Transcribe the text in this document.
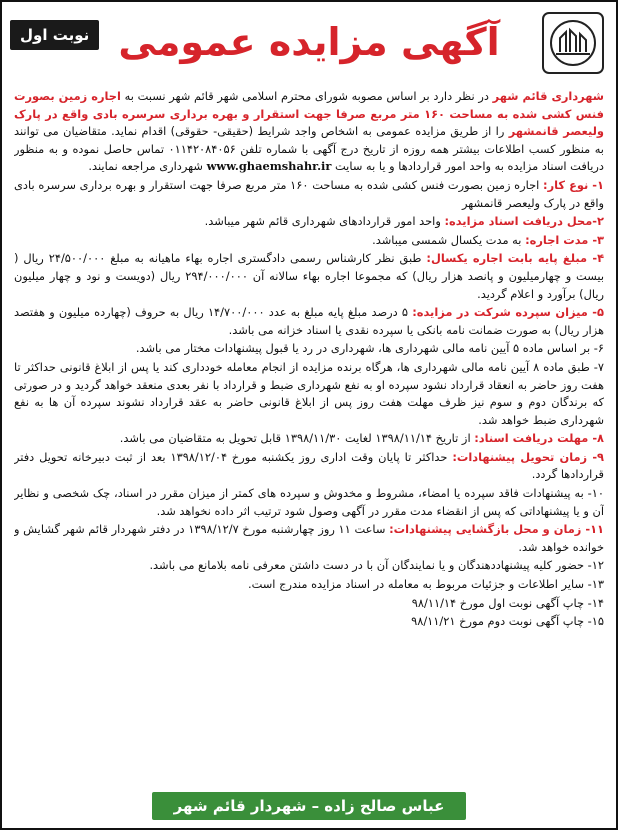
نوبت اول آگهی مزایده عمومی

شهرداری قائم شهر در نظر دارد بر اساس مصوبه شورای محترم اسلامی شهر قائم شهر نسبت به اجاره زمین بصورت فنس کشی شده به مساحت ۱۶۰ متر مربع صرفا جهت استقرار و بهره برداری سرسره بادی واقع در پارک ولیعصر قانمشهر را از طریق مزایده عمومی به اشخاص واجد شرایط (حقیقی- حقوقی) اقدام نماید. متقاضیان می توانند به منظور کسب اطلاعات بیشتر همه روزه از تاریخ درج آگهی با شماره تلفن ۰۱۱۴۲۰۸۴۰۵۶ تماس حاصل نموده و به منظور دریافت اسناد مزایده به واحد امور قراردادها و یا به سایت www.ghaemshahr.ir شهرداری مراجعه نمایند.

۱- نوع کار: اجاره زمین بصورت فنس کشی شده به مساحت ۱۶۰ متر مربع صرفا جهت استقرار و بهره برداری سرسره بادی واقع در پارک ولیعصر قانمشهر

۲-محل دریافت اسناد مزایده: واحد امور قراردادهای شهرداری قائم شهر میباشد.

۳- مدت اجاره: به مدت یکسال شمسی میباشد.

۴- مبلغ پایه بابت اجاره یکسال: طبق نظر کارشناس رسمی دادگستری اجاره بهاء ماهیانه به مبلغ ۲۴/۵۰۰/۰۰۰ ریال ( بیست و چهارمیلیون و پانصد هزار ریال) که مجموعا اجاره بهاء سالانه آن ۲۹۴/۰۰۰/۰۰۰ ریال (دویست و نود و چهار میلیون ریال) برآورد و اعلام گردید.

۵- میزان سپرده شرکت در مزایده: ۵ درصد مبلغ پایه مبلغ به عدد ۱۴/۷۰۰/۰۰۰ ریال به حروف (چهارده میلیون و هفتصد هزار ریال) به صورت ضمانت نامه بانکی یا سپرده نقدی یا اسناد خزانه می باشد.

۶- بر اساس ماده ۵ آیین نامه مالی شهرداری ها، شهرداری در رد یا قبول پیشنهادات مختار می باشد.

۷- طبق ماده ۸ آیین نامه مالی شهرداری ها، هرگاه برنده مزایده از انجام معامله خودداری کند یا پس از ابلاغ قانونی حداکثر تا هفت روز حاضر به انعقاد قرارداد نشود سپرده او به نفع شهرداری ضبط و قرارداد با نفر بعدی منعقد خواهد گردید و در صورتی که برندگان دوم و سوم نیز ظرف مهلت هفت روز پس از ابلاغ قانونی حاضر به عقد قرارداد نشوند سپرده آن ها به نفع شهرداری ضبط خواهد شد.

۸- مهلت دریافت اسناد: از تاریخ ۱۳۹۸/۱۱/۱۴ لغایت ۱۳۹۸/۱۱/۳۰ قابل تحویل به متقاضیان می باشد.

۹- زمان تحویل پیشنهادات: حداکثر تا پایان وقت اداری روز یکشنبه مورخ ۱۳۹۸/۱۲/۰۴ بعد از ثبت دبیرخانه تحویل دفتر قراردادها گردد.

۱۰- به پیشنهادات فاقد سپرده یا امضاء، مشروط و مخدوش و سپرده های کمتر از میزان مقرر در اسناد، چک شخصی و نظایر آن و یا پیشنهاداتی که پس از انقضاء مدت مقرر در آگهی وصول شود ترتیب اثر داده نخواهد شد.

۱۱- زمان و محل بازگشایی پیشنهادات: ساعت ۱۱ روز چهارشنبه مورخ ۱۳۹۸/۱۲/۷ در دفتر شهردار قائم شهر گشایش و خوانده خواهد شد.

۱۲- حضور کلیه پیشنهاددهندگان و یا نمایندگان آن با در دست داشتن معرفی نامه بلامانع می باشد.

۱۳- سایر اطلاعات و جزئیات مربوط به معامله در اسناد مزایده مندرج است.

۱۴- چاپ آگهی نوبت اول مورخ ۹۸/۱۱/۱۴

۱۵- چاپ آگهی نوبت دوم مورخ ۹۸/۱۱/۲۱

عباس صالح زاده – شهردار قائم شهر
